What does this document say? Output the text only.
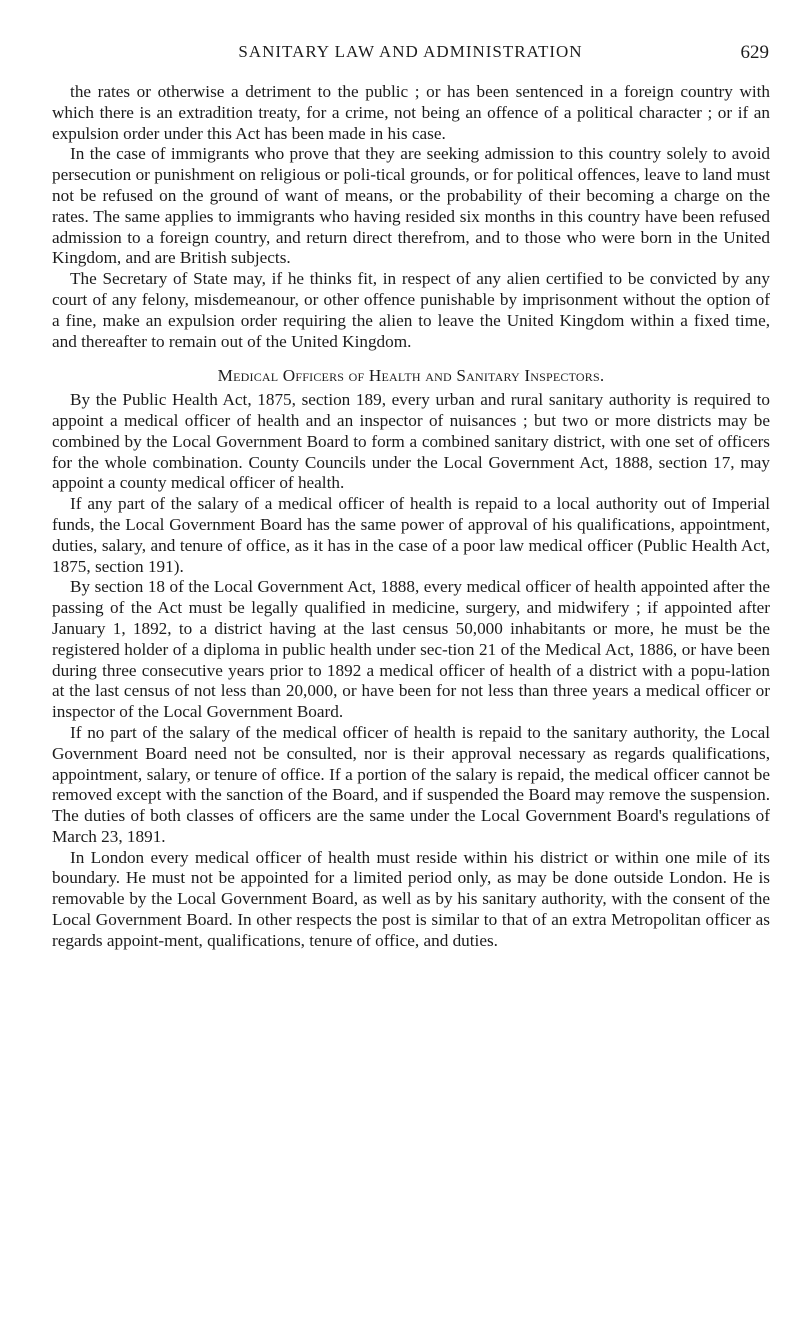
SANITARY LAW AND ADMINISTRATION	629

the rates or otherwise a detriment to the public ; or has been sentenced in a foreign country with which there is an extradition treaty, for a crime, not being an offence of a political character ; or if an expulsion order under this Act has been made in his case.

In the case of immigrants who prove that they are seeking admission to this country solely to avoid persecution or punishment on religious or poli-tical grounds, or for political offences, leave to land must not be refused on the ground of want of means, or the probability of their becoming a charge on the rates. The same applies to immigrants who having resided six months in this country have been refused admission to a foreign country, and return direct therefrom, and to those who were born in the United Kingdom, and are British subjects.

The Secretary of State may, if he thinks fit, in respect of any alien certified to be convicted by any court of any felony, misdemeanour, or other offence punishable by imprisonment without the option of a fine, make an expulsion order requiring the alien to leave the United Kingdom within a fixed time, and thereafter to remain out of the United Kingdom.

Medical Officers of Health and Sanitary Inspectors.

By the Public Health Act, 1875, section 189, every urban and rural sanitary authority is required to appoint a medical officer of health and an inspector of nuisances ; but two or more districts may be combined by the Local Government Board to form a combined sanitary district, with one set of officers for the whole combination. County Councils under the Local Government Act, 1888, section 17, may appoint a county medical officer of health.

If any part of the salary of a medical officer of health is repaid to a local authority out of Imperial funds, the Local Government Board has the same power of approval of his qualifications, appointment, duties, salary, and tenure of office, as it has in the case of a poor law medical officer (Public Health Act, 1875, section 191).

By section 18 of the Local Government Act, 1888, every medical officer of health appointed after the passing of the Act must be legally qualified in medicine, surgery, and midwifery ; if appointed after January 1, 1892, to a district having at the last census 50,000 inhabitants or more, he must be the registered holder of a diploma in public health under sec-tion 21 of the Medical Act, 1886, or have been during three consecutive years prior to 1892 a medical officer of health of a district with a popu-lation at the last census of not less than 20,000, or have been for not less than three years a medical officer or inspector of the Local Government Board.

If no part of the salary of the medical officer of health is repaid to the sanitary authority, the Local Government Board need not be consulted, nor is their approval necessary as regards qualifications, appointment, salary, or tenure of office. If a portion of the salary is repaid, the medical officer cannot be removed except with the sanction of the Board, and if suspended the Board may remove the suspension. The duties of both classes of officers are the same under the Local Government Board's regulations of March 23, 1891.

In London every medical officer of health must reside within his district or within one mile of its boundary. He must not be appointed for a limited period only, as may be done outside London. He is removable by the Local Government Board, as well as by his sanitary authority, with the consent of the Local Government Board. In other respects the post is similar to that of an extra Metropolitan officer as regards appoint-ment, qualifications, tenure of office, and duties.
